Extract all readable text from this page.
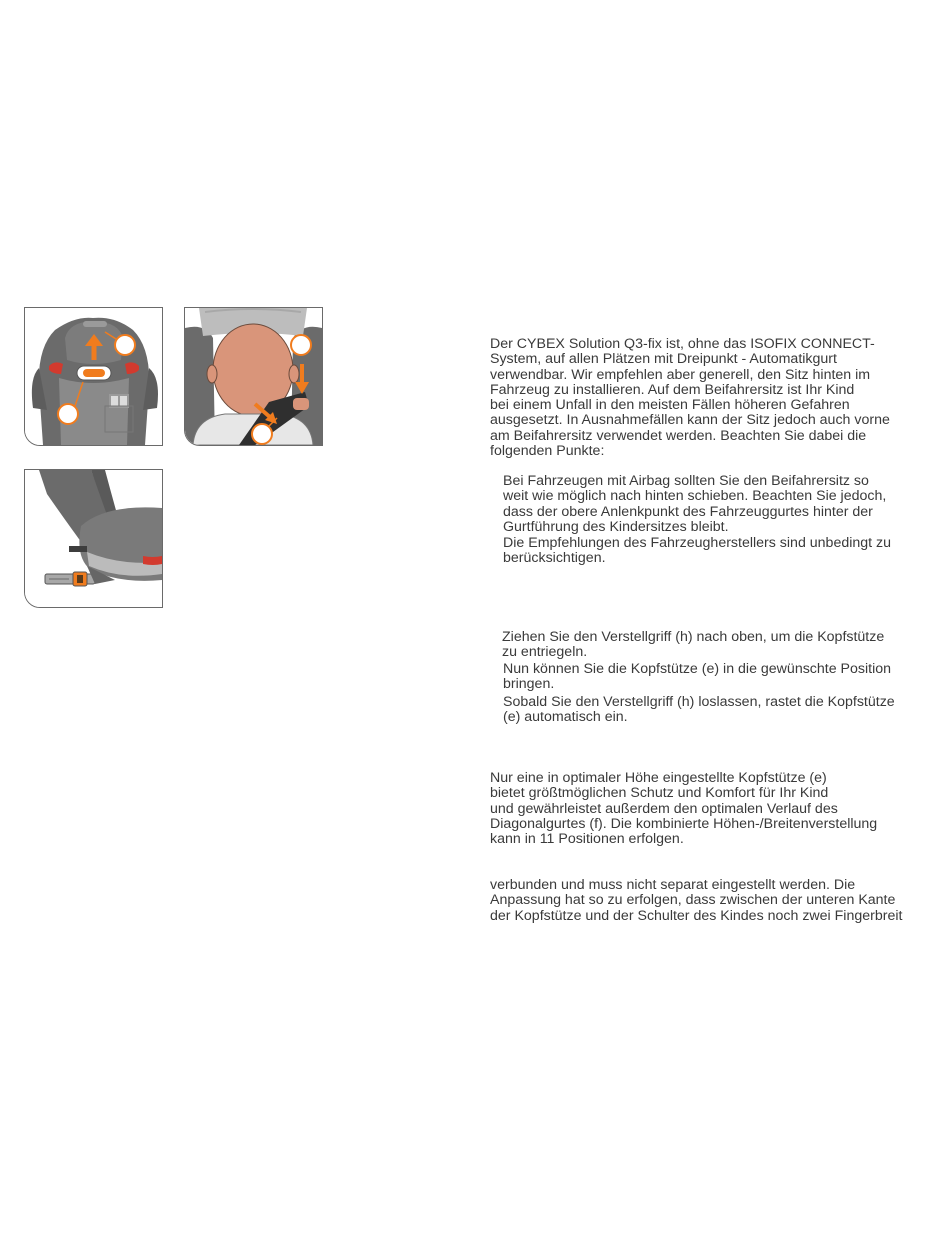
Der CYBEX Solution Q3-fix ist, ohne das ISOFIX CONNECT-
System, auf allen Plätzen mit Dreipunkt - Automatikgurt
verwendbar. Wir empfehlen aber generell, den Sitz hinten im
Fahrzeug zu installieren. Auf dem Beifahrersitz ist Ihr Kind
bei einem Unfall in den meisten Fällen höheren Gefahren
ausgesetzt. In Ausnahmefällen kann der Sitz jedoch auch vorne
am Beifahrersitz verwendet werden. Beachten Sie dabei die
folgenden Punkte:

Bei Fahrzeugen mit Airbag sollten Sie den Beifahrersitz so
weit wie möglich nach hinten schieben. Beachten Sie jedoch,
dass der obere Anlenkpunkt des Fahrzeuggurtes hinter der
Gurtführung des Kindersitzes bleibt.

Die Empfehlungen des Fahrzeugherstellers sind unbedingt zu
berücksichtigen.

Ziehen Sie den Verstellgriff (h) nach oben, um die Kopfstütze
zu entriegeln.

Nun können Sie die Kopfstütze (e) in die gewünschte Position
bringen.

Sobald Sie den Verstellgriff (h) loslassen, rastet die Kopfstütze
(e) automatisch ein.

Nur eine in optimaler Höhe eingestellte Kopfstütze (e)
bietet größtmöglichen Schutz und Komfort für Ihr Kind
und gewährleistet außerdem den optimalen Verlauf des
Diagonalgurtes (f). Die kombinierte Höhen-/Breitenverstellung
kann in 11 Positionen erfolgen.

verbunden und muss nicht separat eingestellt werden. Die
Anpassung hat so zu erfolgen, dass zwischen der unteren Kante
der Kopfstütze und der Schulter des Kindes noch zwei Fingerbreit
